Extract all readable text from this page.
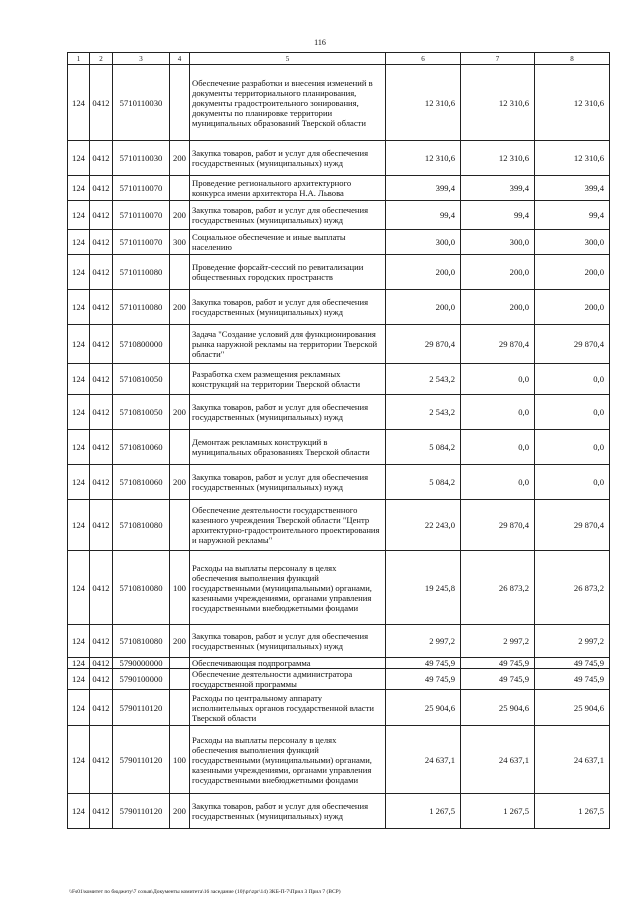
116
1	2	3	4	5	6	7	8
124	0412	5710110030		Обеспечение разработки и внесения изменений в документы территориального планирования, документы градостроительного зонирования, документы по планировке территории муниципальных образований Тверской области	12 310,6	12 310,6	12 310,6
124	0412	5710110030	200	Закупка товаров, работ и услуг для обеспечения государственных (муниципальных) нужд	12 310,6	12 310,6	12 310,6
124	0412	5710110070		Проведение регионального архитектурного конкурса имени архитектора Н.А. Львова	399,4	399,4	399,4
124	0412	5710110070	200	Закупка товаров, работ и услуг для обеспечения государственных (муниципальных) нужд	99,4	99,4	99,4
124	0412	5710110070	300	Социальное обеспечение и иные выплаты населению	300,0	300,0	300,0
124	0412	5710110080		Проведение форсайт-сессий по ревитализации общественных городских пространств	200,0	200,0	200,0
124	0412	5710110080	200	Закупка товаров, работ и услуг для обеспечения государственных (муниципальных) нужд	200,0	200,0	200,0
124	0412	5710800000		Задача "Создание условий для функционирования рынка наружной рекламы на территории Тверской области"	29 870,4	29 870,4	29 870,4
124	0412	5710810050		Разработка схем размещения рекламных конструкций на территории Тверской области	2 543,2	0,0	0,0
124	0412	5710810050	200	Закупка товаров, работ и услуг для обеспечения государственных (муниципальных) нужд	2 543,2	0,0	0,0
124	0412	5710810060		Демонтаж рекламных конструкций в муниципальных образованиях Тверской области	5 084,2	0,0	0,0
124	0412	5710810060	200	Закупка товаров, работ и услуг для обеспечения государственных (муниципальных) нужд	5 084,2	0,0	0,0
124	0412	5710810080		Обеспечение деятельности государственного казенного учреждения Тверской области "Центр архитектурно-градостроительного проектирования и наружной рекламы"	22 243,0	29 870,4	29 870,4
124	0412	5710810080	100	Расходы на выплаты персоналу в целях обеспечения выполнения функций государственными (муниципальными) органами, казенными учреждениями, органами управления государственными внебюджетными фондами	19 245,8	26 873,2	26 873,2
124	0412	5710810080	200	Закупка товаров, работ и услуг для обеспечения государственных (муниципальных) нужд	2 997,2	2 997,2	2 997,2
124	0412	5790000000		Обеспечивающая подпрограмма	49 745,9	49 745,9	49 745,9
124	0412	5790100000		Обеспечение деятельности администратора государственной программы	49 745,9	49 745,9	49 745,9
124	0412	5790110120		Расходы по центральному аппарату исполнительных органов государственной власти Тверской области	25 904,6	25 904,6	25 904,6
124	0412	5790110120	100	Расходы на выплаты персоналу в целях обеспечения выполнения функций государственными (муниципальными) органами, казенными учреждениями, органами управления государственными внебюджетными фондами	24 637,1	24 637,1	24 637,1
124	0412	5790110120	200	Закупка товаров, работ и услуг для обеспечения государственных (муниципальных) нужд	1 267,5	1 267,5	1 267,5
\\Fs01\комитет по бюджету\7 созыв\Документы комитета\16 заседание (10)\pr\zpr\14) ЗКБ-П-7\Прил 3 Прил 7 (ВСР)
